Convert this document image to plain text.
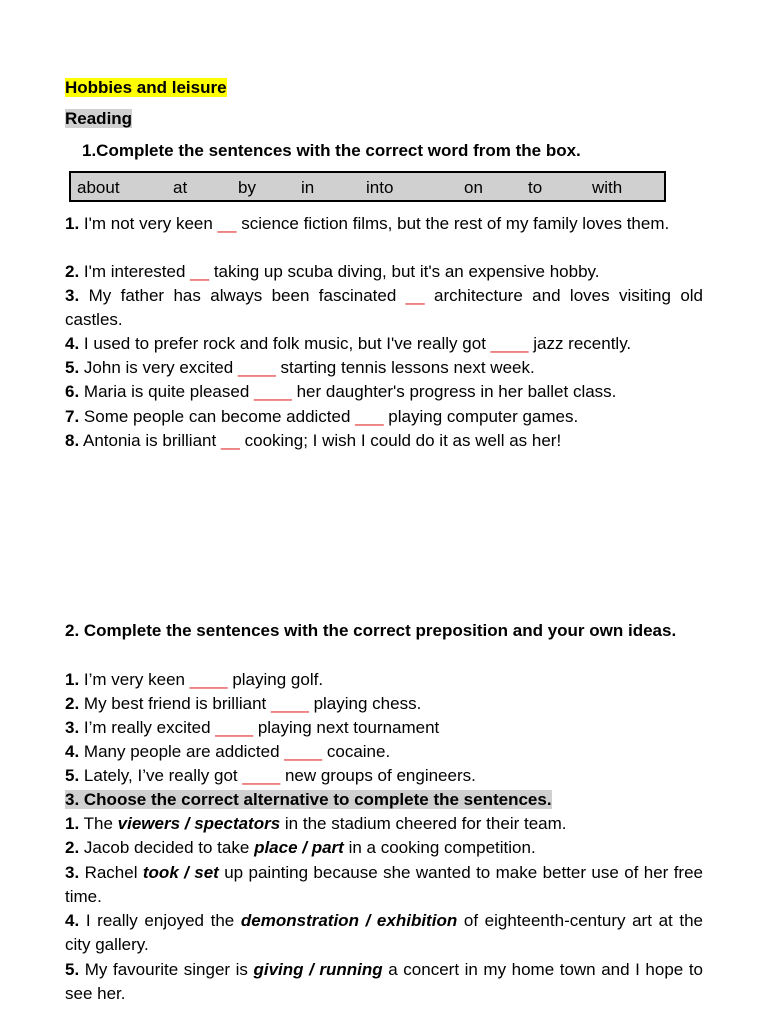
Hobbies and leisure
Reading
1.Complete the sentences with the correct word from the box.
about	at	by	in	into	on	to	with
1. I'm not very keen __ science fiction films, but the rest of my family loves them.
2. I'm interested __ taking up scuba diving, but it's an expensive hobby.
3. My father has always been fascinated __ architecture and loves visiting old castles.
4. I used to prefer rock and folk music, but I've really got ____ jazz recently.
5. John is very excited ____ starting tennis lessons next week.
6. Maria is quite pleased ____ her daughter's progress in her ballet class.
7. Some people can become addicted ___ playing computer games.
8. Antonia is brilliant __ cooking; I wish I could do it as well as her!
2. Complete the sentences with the correct preposition and your own ideas.
1. I’m very keen ____ playing golf.
2. My best friend is brilliant ____ playing chess.
3. I’m really excited ____ playing next tournament
4. Many people are addicted ____ cocaine.
5. Lately, I’ve really got ____ new groups of engineers.
3. Choose the correct alternative to complete the sentences.
1. The viewers / spectators in the stadium cheered for their team.
2. Jacob decided to take place / part in a cooking competition.
3. Rachel took / set up painting because she wanted to make better use of her free time.
4. I really enjoyed the demonstration / exhibition of eighteenth-century art at the city gallery.
5. My favourite singer is giving / running a concert in my home town and I hope to see her.
